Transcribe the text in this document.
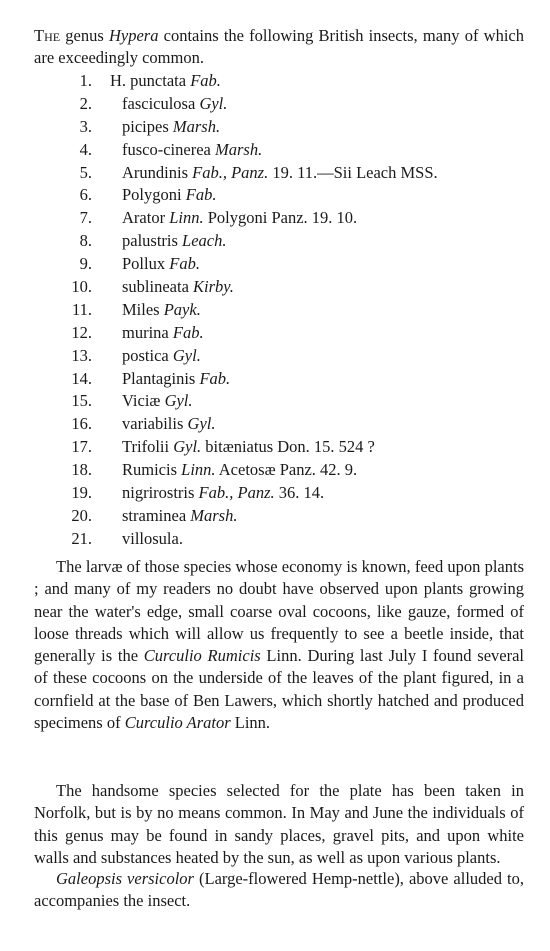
The genus Hypera contains the following British insects, many of which are exceedingly common.

1. H. punctata Fab.
2. fasciculosa Gyl.
3. picipes Marsh.
4. fusco-cinerea Marsh.
5. Arundinis Fab., Panz. 19. 11.—Sii Leach MSS.
6. Polygoni Fab.
7. Arator Linn. Polygoni Panz. 19. 10.
8. palustris Leach.
9. Pollux Fab.
10. sublineata Kirby.
11. Miles Payk.
12. murina Fab.
13. postica Gyl.
14. Plantaginis Fab.
15. Viciæ Gyl.
16. variabilis Gyl.
17. Trifolii Gyl. bitæniatus Don. 15. 524 ?
18. Rumicis Linn. Acetosæ Panz. 42. 9.
19. nigrirostris Fab., Panz. 36. 14.
20. straminea Marsh.
21. villosula.

The larvæ of those species whose economy is known, feed upon plants ; and many of my readers no doubt have observed upon plants growing near the water's edge, small coarse oval cocoons, like gauze, formed of loose threads which will allow us frequently to see a beetle inside, that generally is the Curculio Rumicis Linn. During last July I found several of these cocoons on the underside of the leaves of the plant figured, in a cornfield at the base of Ben Lawers, which shortly hatched and produced specimens of Curculio Arator Linn.

The handsome species selected for the plate has been taken in Norfolk, but is by no means common. In May and June the individuals of this genus may be found in sandy places, gravel pits, and upon white walls and substances heated by the sun, as well as upon various plants.

Galeopsis versicolor (Large-flowered Hemp-nettle), above alluded to, accompanies the insect.
